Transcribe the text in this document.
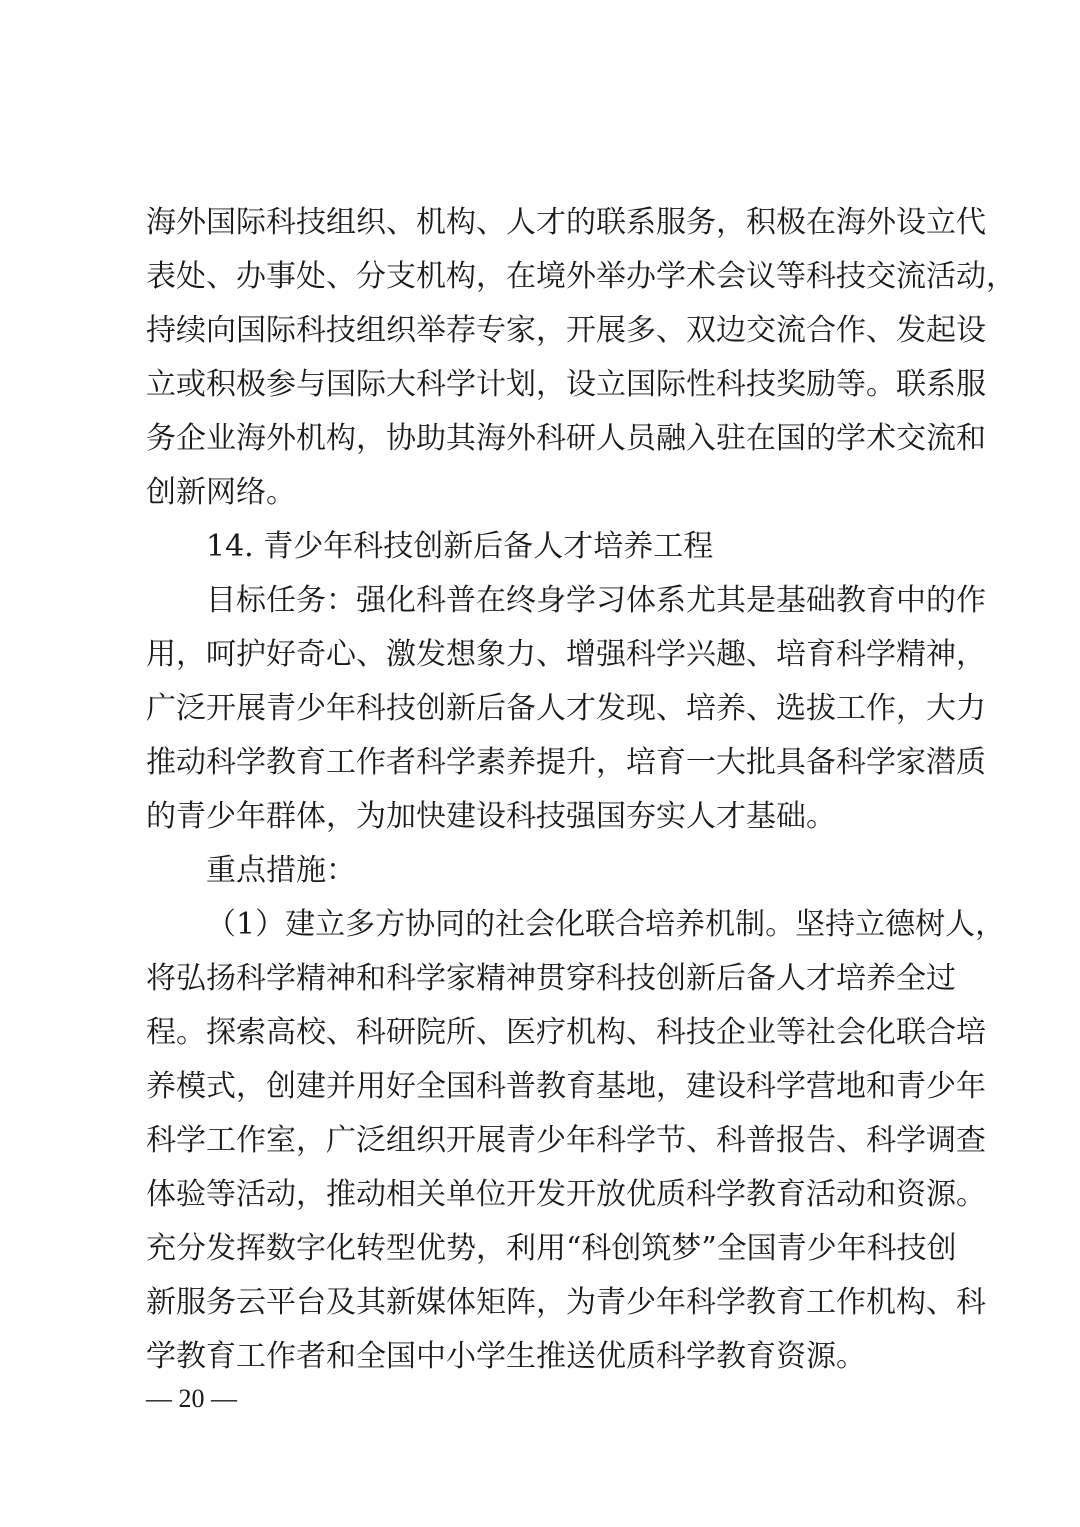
海外国际科技组织、机构、人才的联系服务，积极在海外设立代
表处、办事处、分支机构，在境外举办学术会议等科技交流活动，
持续向国际科技组织举荐专家，开展多、双边交流合作、发起设
立或积极参与国际大科学计划，设立国际性科技奖励等。联系服
务企业海外机构，协助其海外科研人员融入驻在国的学术交流和
创新网络。
14. 青少年科技创新后备人才培养工程
目标任务：强化科普在终身学习体系尤其是基础教育中的作
用，呵护好奇心、激发想象力、增强科学兴趣、培育科学精神，
广泛开展青少年科技创新后备人才发现、培养、选拔工作，大力
推动科学教育工作者科学素养提升，培育一大批具备科学家潜质
的青少年群体，为加快建设科技强国夯实人才基础。
重点措施：
（1）建立多方协同的社会化联合培养机制。坚持立德树人，
将弘扬科学精神和科学家精神贯穿科技创新后备人才培养全过
程。探索高校、科研院所、医疗机构、科技企业等社会化联合培
养模式，创建并用好全国科普教育基地，建设科学营地和青少年
科学工作室，广泛组织开展青少年科学节、科普报告、科学调查
体验等活动，推动相关单位开发开放优质科学教育活动和资源。
充分发挥数字化转型优势，利用“科创筑梦”全国青少年科技创
新服务云平台及其新媒体矩阵，为青少年科学教育工作机构、科
学教育工作者和全国中小学生推送优质科学教育资源。
— 20 —
